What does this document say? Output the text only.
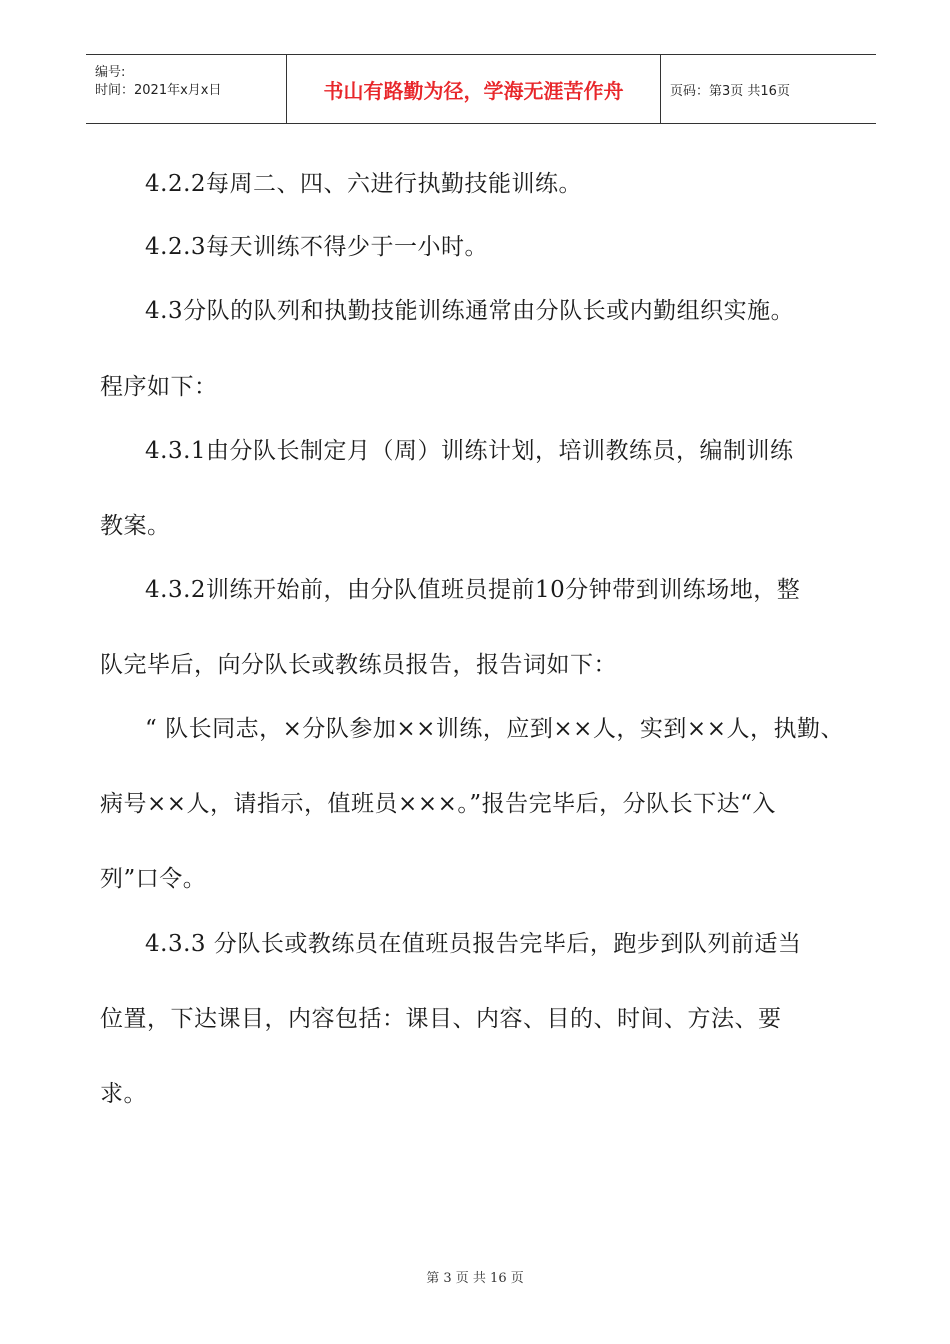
编号:
时间：2021年x月x日	书山有路勤为径，学海无涯苦作舟	页码：第3页 共16页
4.2.2每周二、四、六进行执勤技能训练。
4.2.3每天训练不得少于一小时。
4.3分队的队列和执勤技能训练通常由分队长或内勤组织实施。
程序如下：
4.3.1由分队长制定月（周）训练计划，培训教练员，编制训练
教案。
4.3.2训练开始前，由分队值班员提前10分钟带到训练场地，整
队完毕后，向分队长或教练员报告，报告词如下：
“ 队长同志，×分队参加××训练，应到××人，实到××人，执勤、
病号××人，请指示，值班员×××。”报告完毕后，分队长下达“入
列”口令。
4.3.3 分队长或教练员在值班员报告完毕后，跑步到队列前适当
位置，下达课目，内容包括：课目、内容、目的、时间、方法、要
求。
第 3 页 共 16 页
